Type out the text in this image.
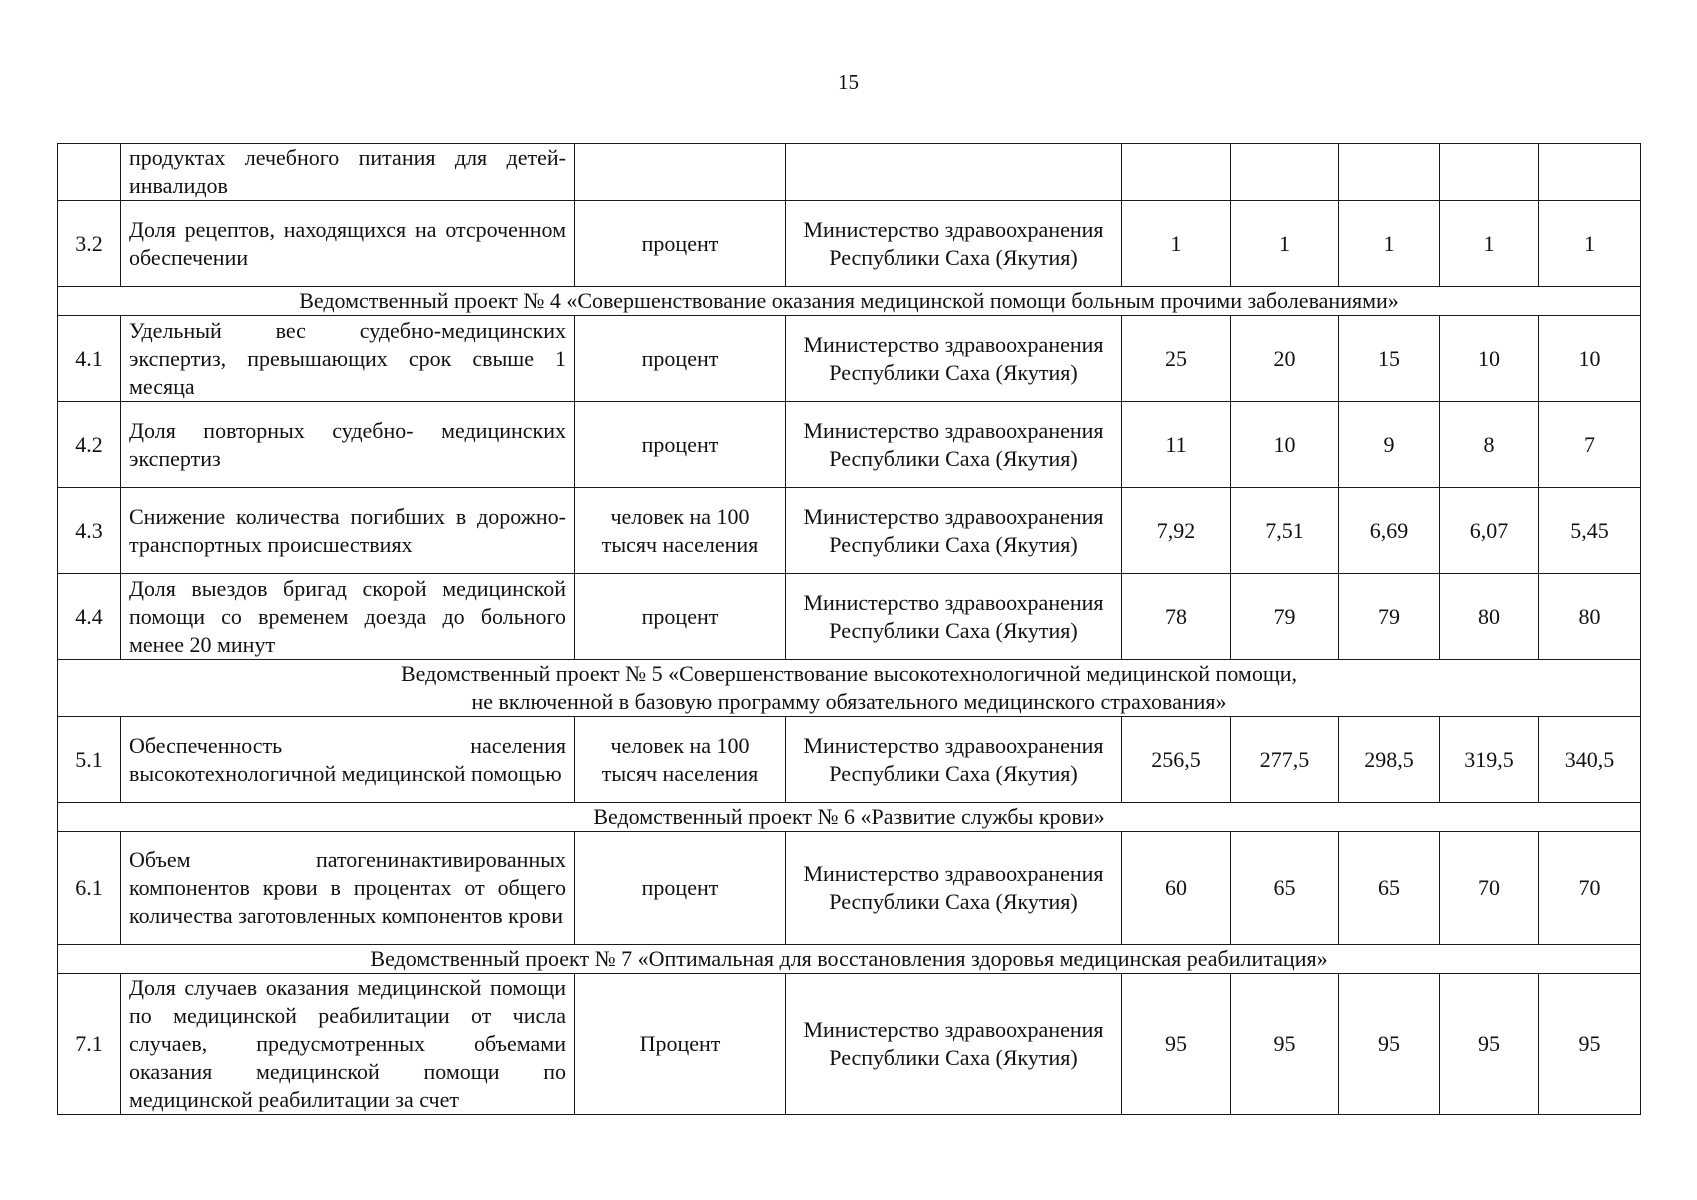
15
	продуктах лечебного питания для детей-инвалидов							
3.2	Доля рецептов, находящихся на отсроченном обеспечении	процент	Министерство здравоохранения Республики Саха (Якутия)	1	1	1	1	1

Ведомственный проект № 4 «Совершенствование оказания медицинской помощи больным прочими заболеваниями»								

4.1	Удельный вес судебно-медицинских экспертиз, превышающих срок свыше 1 месяца	процент	Министерство здравоохранения Республики Саха (Якутия)	25	20	15	10	10
4.2	Доля повторных судебно- медицинских экспертиз	процент	Министерство здравоохранения Республики Саха (Якутия)	11	10	9	8	7
4.3	Снижение количества погибших в дорожно-транспортных происшествиях	человек на 100 тысяч населения	Министерство здравоохранения Республики Саха (Якутия)	7,92	7,51	6,69	6,07	5,45
4.4	Доля выездов бригад скорой медицинской помощи со временем доезда до больного менее 20 минут	процент	Министерство здравоохранения Республики Саха (Якутия)	78	79	79	80	80

Ведомственный проект № 5 «Совершенствование высокотехнологичной медицинской помощи,
не включенной в базовую программу обязательного медицинского страхования»								

5.1	Обеспеченность населения высокотехнологичной медицинской помощью	человек на 100 тысяч населения	Министерство здравоохранения Республики Саха (Якутия)	256,5	277,5	298,5	319,5	340,5

Ведомственный проект № 6 «Развитие службы крови»								

6.1	Объем патогенинактивированных компонентов крови в процентах от общего количества заготовленных компонентов крови	процент	Министерство здравоохранения Республики Саха (Якутия)	60	65	65	70	70

Ведомственный проект № 7 «Оптимальная для восстановления здоровья медицинская реабилитация»								

7.1	Доля случаев оказания медицинской помощи по медицинской реабилитации от числа случаев, предусмотренных объемами оказания медицинской помощи по медицинской реабилитации за счет	Процент	Министерство здравоохранения Республики Саха (Якутия)	95	95	95	95	95
